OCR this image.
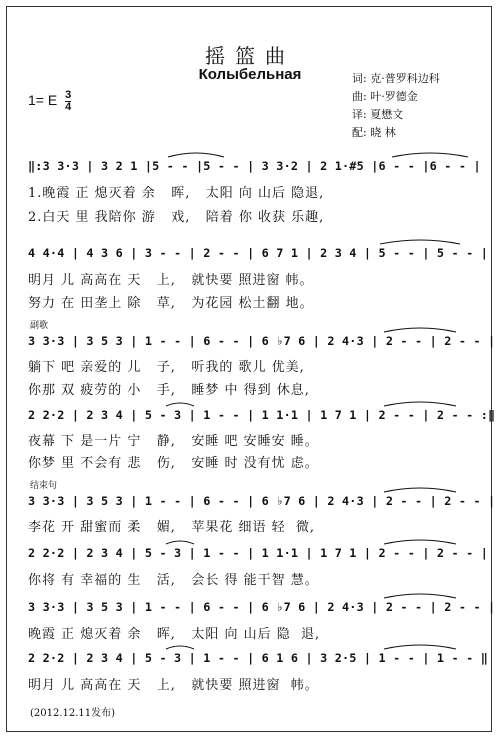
摇篮曲
Колыбельная
1= E $\frac{3}{4}$
词: 克·普罗科边科
曲: 叶·罗德金
译: 夏懋文
配: 晓 林
‖:3 3·3 | 3 2 1 |5 - - |5 - - | 3 3·2 | 2 1·#5 |6 - - |6 - - |
1.晚霞 正 熄灭着 余   晖,   太阳 向 山后 隐退,
2.白天 里 我陪你 游   戏,   陪着 你 收获 乐趣,
4 4·4 | 4 3 6 | 3 - - | 2 - - | 6 7 1 | 2 3 4 | 5 - - | 5 - - |
明月 儿 高高在 天   上,   就快要 照进窗 帏。
努力 在 田垄上 除   草,   为花园 松土翻 地。
副歌
3 3·3 | 3 5 3 | 1 - - | 6 - - | 6 ♭7 6 | 2 4·3 | 2 - - | 2 - - |
躺下 吧 亲爱的 儿   子,   听我的 歌儿 优美,
你那 双 疲劳的 小   手,   睡梦 中 得到 休息,
2 2·2 | 2 3 4 | 5 - 3 | 1 - - | 1 1·1 | 1 7 1 | 2 - - | 2 - - :‖
夜幕 下 是一片 宁   静,   安睡 吧 安睡安 睡。
你梦 里 不会有 悲   伤,   安睡 时 没有忧 虑。
结束句
3 3·3 | 3 5 3 | 1 - - | 6 - - | 6 ♭7 6 | 2 4·3 | 2 - - | 2 - - |
李花 开 甜蜜而 柔   媚,   苹果花 细语 轻  微,
2 2·2 | 2 3 4 | 5 - 3 | 1 - - | 1 1·1 | 1 7 1 | 2 - - | 2 - - |
你将 有 幸福的 生   活,   会长 得 能干智 慧。
3 3·3 | 3 5 3 | 1 - - | 6 - - | 6 ♭7 6 | 2 4·3 | 2 - - | 2 - - |
晚霞 正 熄灭着 余   晖,   太阳 向 山后 隐  退,
2 2·2 | 2 3 4 | 5 - 3 | 1 - - | 6 1 6 | 3 2·5 | 1 - - | 1 - - ‖
明月 儿 高高在 天   上,   就快要 照进窗  帏。
(2012.12.11发布)
